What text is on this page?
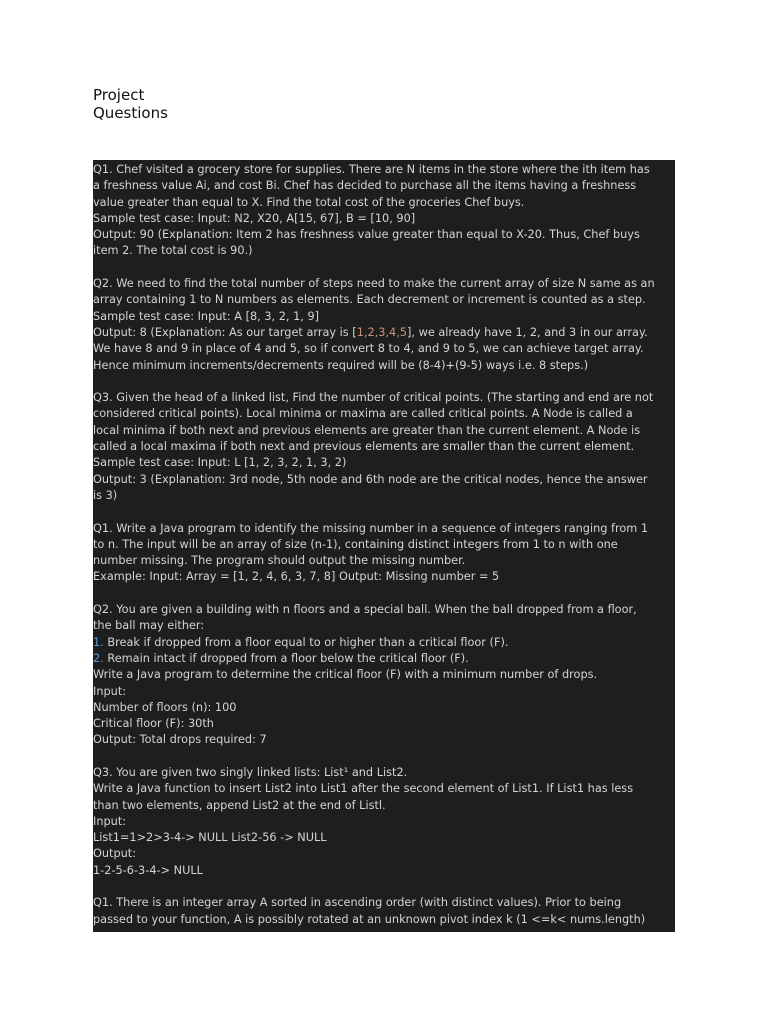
Project
Questions
Q1. Chef visited a grocery store for supplies. There are N items in the store where the ith item has
a freshness value Ai, and cost Bi. Chef has decided to purchase all the items having a freshness
value greater than equal to X. Find the total cost of the groceries Chef buys.
Sample test case: Input: N2, X20, A[15, 67], B = [10, 90]
Output: 90 (Explanation: Item 2 has freshness value greater than equal to X-20. Thus, Chef buys
item 2. The total cost is 90.)
Q2. We need to find the total number of steps need to make the current array of size N same as an
array containing 1 to N numbers as elements. Each decrement or increment is counted as a step.
Sample test case: Input: A [8, 3, 2, 1, 9]
Output: 8 (Explanation: As our target array is [1,2,3,4,5], we already have 1, 2, and 3 in our array.
We have 8 and 9 in place of 4 and 5, so if convert 8 to 4, and 9 to 5, we can achieve target array.
Hence minimum increments/decrements required will be (8-4)+(9-5) ways i.e. 8 steps.)
Q3. Given the head of a linked list, Find the number of critical points. (The starting and end are not
considered critical points). Local minima or maxima are called critical points. A Node is called a
local minima if both next and previous elements are greater than the current element. A Node is
called a local maxima if both next and previous elements are smaller than the current element.
Sample test case: Input: L [1, 2, 3, 2, 1, 3, 2)
Output: 3 (Explanation: 3rd node, 5th node and 6th node are the critical nodes, hence the answer
is 3)
Q1. Write a Java program to identify the missing number in a sequence of integers ranging from 1
to n. The input will be an array of size (n-1), containing distinct integers from 1 to n with one
number missing. The program should output the missing number.
Example: Input: Array = [1, 2, 4, 6, 3, 7, 8] Output: Missing number = 5
Q2. You are given a building with n floors and a special ball. When the ball dropped from a floor,
the ball may either:
1. Break if dropped from a floor equal to or higher than a critical floor (F).
2. Remain intact if dropped from a floor below the critical floor (F).
Write a Java program to determine the critical floor (F) with a minimum number of drops.
Input:
Number of floors (n): 100
Critical floor (F): 30th
Output: Total drops required: 7
Q3. You are given two singly linked lists: List¹ and List2.
Write a Java function to insert List2 into List1 after the second element of List1. If List1 has less
than two elements, append List2 at the end of Listl.
Input:
List1=1>2>3-4-> NULL List2-56 -> NULL
Output:
1-2-5-6-3-4-> NULL
Q1. There is an integer array A sorted in ascending order (with distinct values). Prior to being
passed to your function, A is possibly rotated at an unknown pivot index k (1 <=k< nums.length)
